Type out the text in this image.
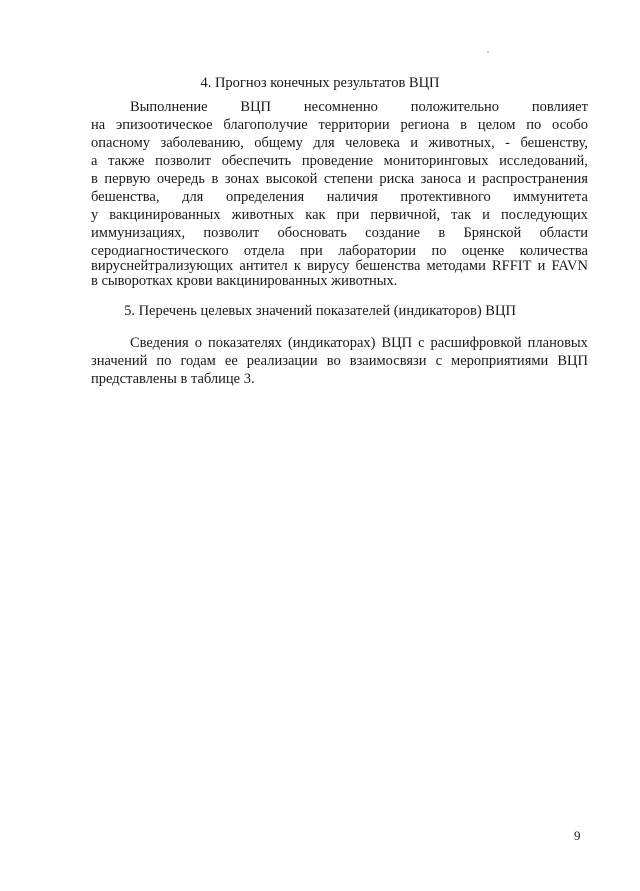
4. Прогноз конечных результатов ВЦП
Выполнение ВЦП несомненно положительно повлияет
на эпизоотическое благополучие территории региона в целом по особо
опасному заболеванию, общему для человека и животных, - бешенству,
а также позволит обеспечить проведение мониторинговых исследований,
в первую очередь в зонах высокой степени риска заноса и распространения
бешенства, для определения наличия протективного иммунитета
у вакцинированных животных как при первичной, так и последующих
иммунизациях, позволит обосновать создание в Брянской области
серодиагностического отдела при лаборатории по оценке количества
вируснейтрализующих антител к вирусу бешенства методами RFFIT и FAVN
в сыворотках крови вакцинированных животных.
5. Перечень целевых значений показателей (индикаторов) ВЦП
Сведения о показателях (индикаторах) ВЦП с расшифровкой плановых
значений по годам ее реализации во взаимосвязи с мероприятиями ВЦП
представлены в таблице 3.
9
